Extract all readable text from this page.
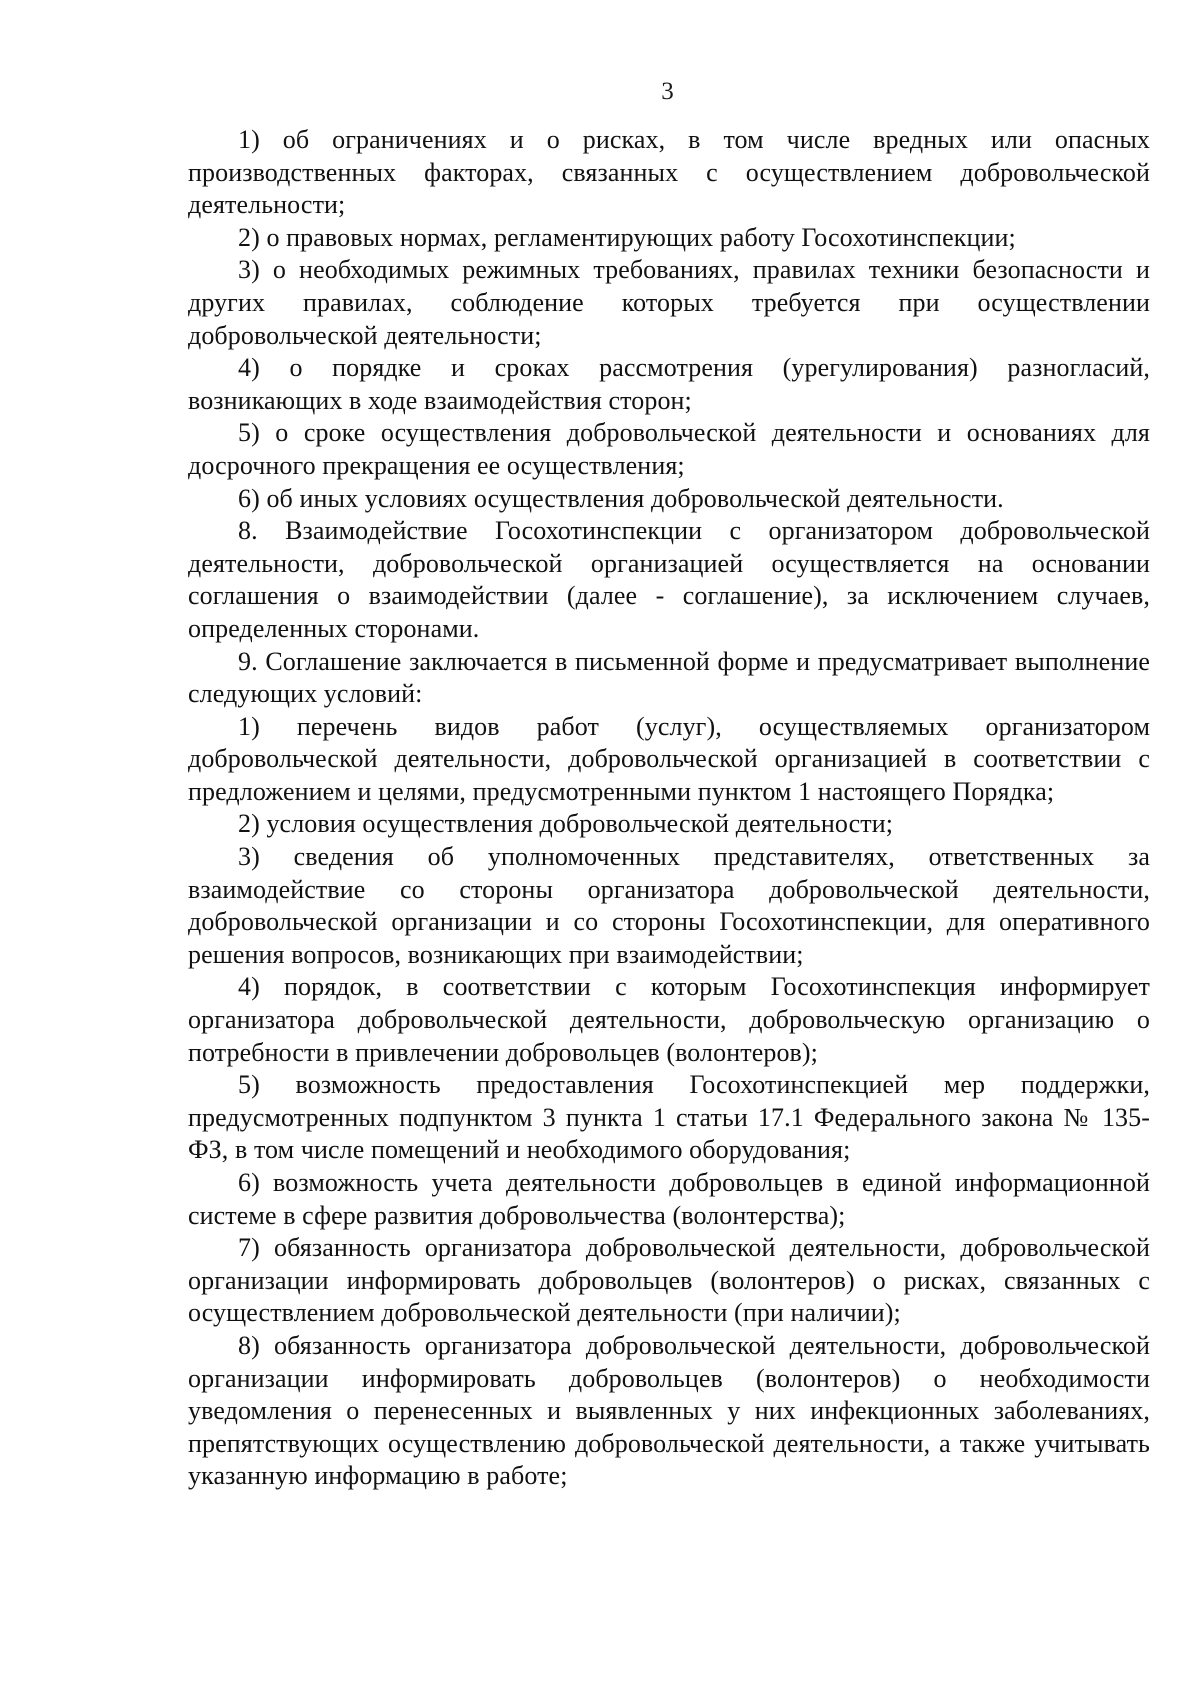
3

1) об ограничениях и о рисках, в том числе вредных или опасных производственных факторах, связанных с осуществлением добровольческой деятельности;

2) о правовых нормах, регламентирующих работу Госохотинспекции;

3) о необходимых режимных требованиях, правилах техники безопасности и других правилах, соблюдение которых требуется при осуществлении добровольческой деятельности;

4) о порядке и сроках рассмотрения (урегулирования) разногласий, возникающих в ходе взаимодействия сторон;

5) о сроке осуществления добровольческой деятельности и основаниях для досрочного прекращения ее осуществления;

6) об иных условиях осуществления добровольческой деятельности.

8. Взаимодействие Госохотинспекции с организатором добровольческой деятельности, добровольческой организацией осуществляется на основании соглашения о взаимодействии (далее - соглашение), за исключением случаев, определенных сторонами.

9. Соглашение заключается в письменной форме и предусматривает выполнение следующих условий:

1) перечень видов работ (услуг), осуществляемых организатором добровольческой деятельности, добровольческой организацией в соответствии с предложением и целями, предусмотренными пунктом 1 настоящего Порядка;

2) условия осуществления добровольческой деятельности;

3) сведения об уполномоченных представителях, ответственных за взаимодействие со стороны организатора добровольческой деятельности, добровольческой организации и со стороны Госохотинспекции, для оперативного решения вопросов, возникающих при взаимодействии;

4) порядок, в соответствии с которым Госохотинспекция информирует организатора добровольческой деятельности, добровольческую организацию о потребности в привлечении добровольцев (волонтеров);

5) возможность предоставления Госохотинспекцией мер поддержки, предусмотренных подпунктом 3 пункта 1 статьи 17.1 Федерального закона № 135-ФЗ, в том числе помещений и необходимого оборудования;

6) возможность учета деятельности добровольцев в единой информационной системе в сфере развития добровольчества (волонтерства);

7) обязанность организатора добровольческой деятельности, добровольческой организации информировать добровольцев (волонтеров) о рисках, связанных с осуществлением добровольческой деятельности (при наличии);

8) обязанность организатора добровольческой деятельности, добровольческой организации информировать добровольцев (волонтеров) о необходимости уведомления о перенесенных и выявленных у них инфекционных заболеваниях, препятствующих осуществлению добровольческой деятельности, а также учитывать указанную информацию в работе;
